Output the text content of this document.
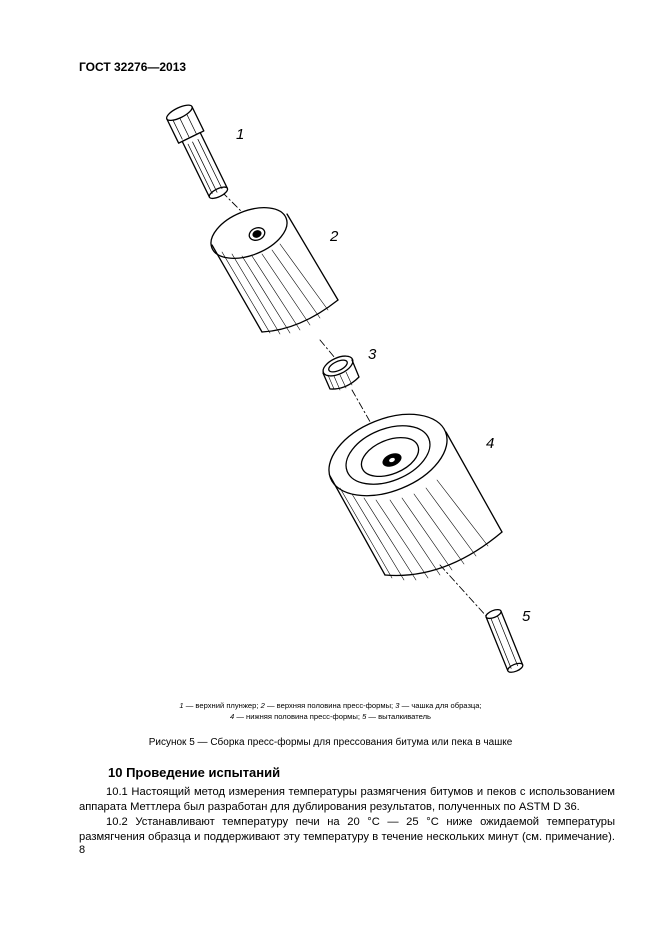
ГОСТ 32276—2013
1
2
3
4
5
1 — верхний плунжер; 2 — верхняя половина пресс-формы; 3 — чашка для образца;
4 — нижняя половина пресс-формы; 5 — выталкиватель
Рисунок 5 — Сборка пресс-формы для прессования битума или пека в чашке
10 Проведение испытаний
10.1 Настоящий метод измерения температуры размягчения битумов и пеков с использованием аппарата Меттлера был разработан для дублирования результатов, полученных по ASTM D 36.
10.2 Устанавливают температуру печи на 20 °С — 25 °С ниже ожидаемой температуры размягчения образца и поддерживают эту температуру в течение нескольких минут (см. примечание).
8
